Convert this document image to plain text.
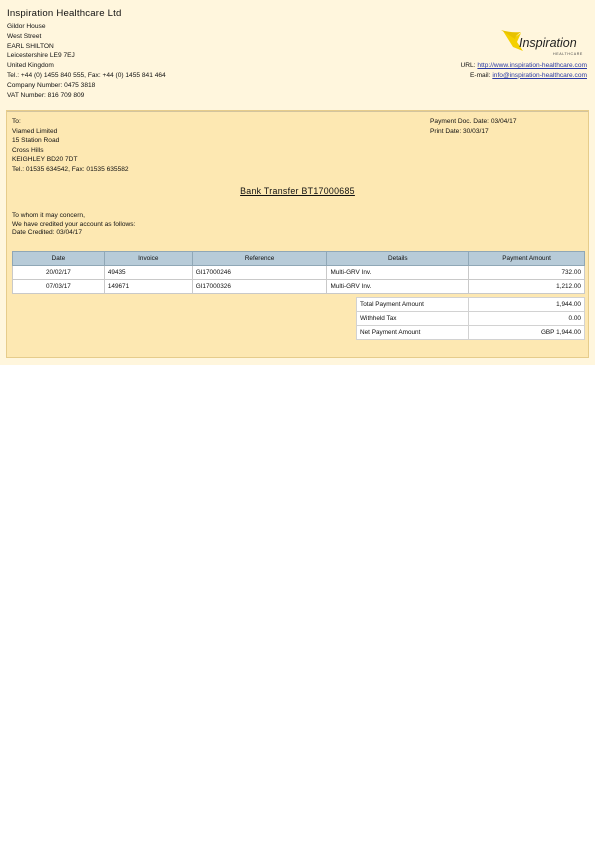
Inspiration Healthcare Ltd
Gildor House
West Street
EARL SHILTON
Leicestershire LE9 7EJ
United Kingdom
Tel.: +44 (0) 1455 840 555, Fax: +44 (0) 1455 841 464
Company Number: 0475 3818
VAT Number: 816 709 809
Inspiration
HEALTHCARE
URL: http://www.inspiration-healthcare.com
E-mail: info@inspiration-healthcare.com
To:
Viamed Limited
15 Station Road
Cross Hills
KEIGHLEY BD20 7DT
Tel.: 01535 634542, Fax: 01535 635582
Payment Doc. Date: 03/04/17
Print Date: 30/03/17
Bank Transfer BT17000685
To whom it may concern,
We have credited your account as follows:
Date Credited: 03/04/17
Date	Invoice	Reference	Details	Payment Amount
20/02/17	49435	GI17000246	Multi-GRV Inv.	732.00
07/03/17	149671	GI17000326	Multi-GRV Inv.	1,212.00
Total Payment Amount	1,944.00
Withheld Tax	0.00
Net Payment Amount	GBP 1,944.00
